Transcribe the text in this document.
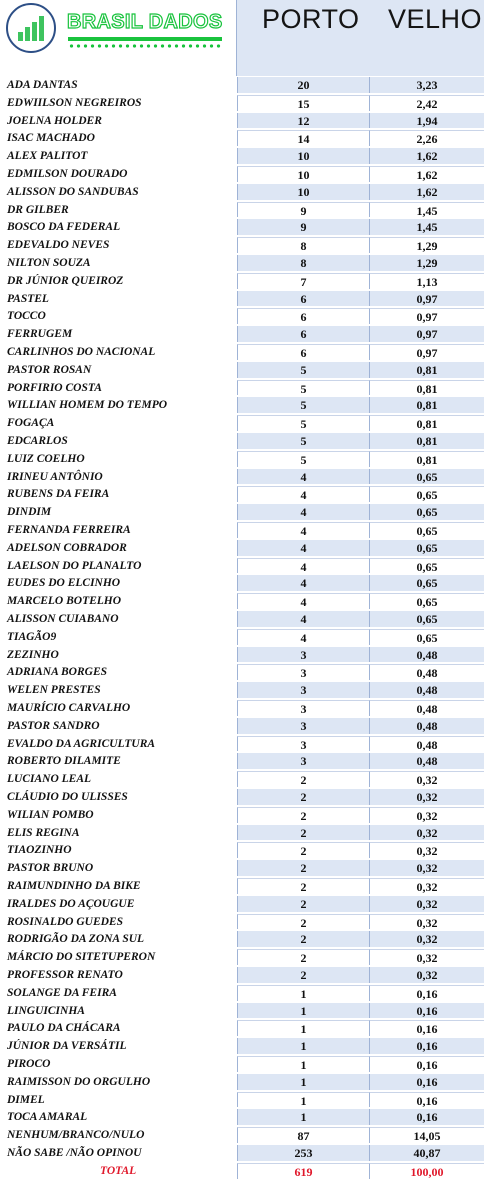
BRASIL DADOS PORTO VELHO
ADA DANTAS	20	3,23
EDWIILSON NEGREIROS	15	2,42
JOELNA HOLDER	12	1,94
ISAC MACHADO	14	2,26
ALEX PALITOT	10	1,62
EDMILSON DOURADO	10	1,62
ALISSON DO SANDUBAS	10	1,62
DR GILBER	9	1,45
BOSCO DA FEDERAL	9	1,45
EDEVALDO NEVES	8	1,29
NILTON SOUZA	8	1,29
DR JÚNIOR QUEIROZ	7	1,13
PASTEL	6	0,97
TOCCO	6	0,97
FERRUGEM	6	0,97
CARLINHOS DO NACIONAL	6	0,97
PASTOR ROSAN	5	0,81
PORFIRIO COSTA	5	0,81
WILLIAN HOMEM DO TEMPO	5	0,81
FOGAÇA	5	0,81
EDCARLOS	5	0,81
LUIZ COELHO	5	0,81
IRINEU ANTÔNIO	4	0,65
RUBENS DA FEIRA	4	0,65
DINDIM	4	0,65
FERNANDA FERREIRA	4	0,65
ADELSON COBRADOR	4	0,65
LAELSON DO PLANALTO	4	0,65
EUDES DO ELCINHO	4	0,65
MARCELO BOTELHO	4	0,65
ALISSON CUIABANO	4	0,65
TIAGÃO9	4	0,65
ZEZINHO	3	0,48
ADRIANA BORGES	3	0,48
WELEN PRESTES	3	0,48
MAURÍCIO CARVALHO	3	0,48
PASTOR SANDRO	3	0,48
EVALDO DA AGRICULTURA	3	0,48
ROBERTO DILAMITE	3	0,48
LUCIANO LEAL	2	0,32
CLÁUDIO DO ULISSES	2	0,32
WILIAN POMBO	2	0,32
ELIS REGINA	2	0,32
TIAOZINHO	2	0,32
PASTOR BRUNO	2	0,32
RAIMUNDINHO DA BIKE	2	0,32
IRALDES DO AÇOUGUE	2	0,32
ROSINALDO GUEDES	2	0,32
RODRIGÃO DA ZONA SUL	2	0,32
MÁRCIO DO SITETUPERON	2	0,32
PROFESSOR RENATO	2	0,32
SOLANGE DA FEIRA	1	0,16
LINGUICINHA	1	0,16
PAULO DA CHÁCARA	1	0,16
JÚNIOR DA VERSÁTIL	1	0,16
PIROCO	1	0,16
RAIMISSON DO ORGULHO	1	0,16
DIMEL	1	0,16
TOCA AMARAL	1	0,16
NENHUM/BRANCO/NULO	87	14,05
NÃO SABE /NÃO OPINOU	253	40,87
TOTAL	619	100,00
